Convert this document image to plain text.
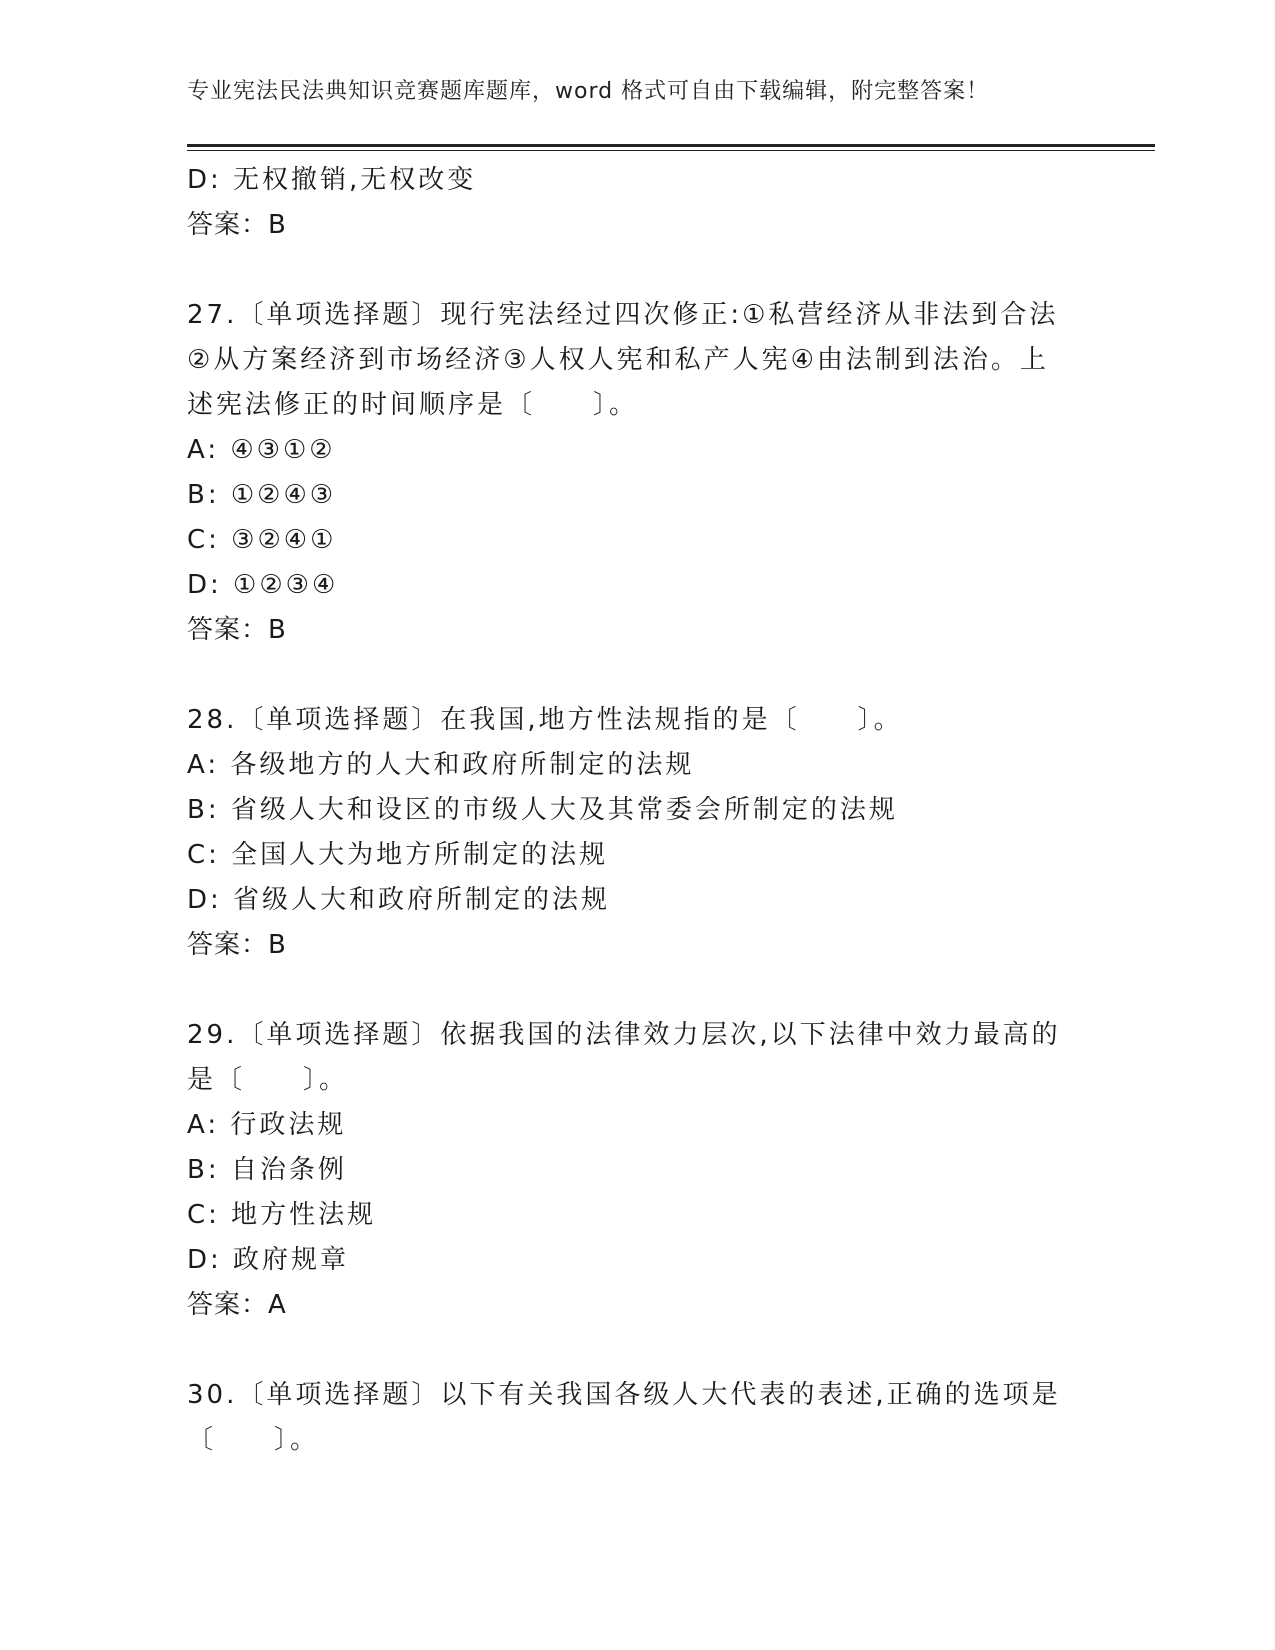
专业宪法民法典知识竞赛题库题库，word 格式可自由下载编辑，附完整答案！
D: 无权撤销,无权改变
答案：B
27.〔单项选择题〕现行宪法经过四次修正:①私营经济从非法到合法
②从方案经济到市场经济③人权人宪和私产人宪④由法制到法治。上
述宪法修正的时间顺序是〔　　〕。
A: ④③①②
B: ①②④③
C: ③②④①
D: ①②③④
答案：B
28.〔单项选择题〕在我国,地方性法规指的是〔　　〕。
A: 各级地方的人大和政府所制定的法规
B: 省级人大和设区的市级人大及其常委会所制定的法规
C: 全国人大为地方所制定的法规
D: 省级人大和政府所制定的法规
答案：B
29.〔单项选择题〕依据我国的法律效力层次,以下法律中效力最高的
是〔　　〕。
A: 行政法规
B: 自治条例
C: 地方性法规
D: 政府规章
答案：A
30.〔单项选择题〕以下有关我国各级人大代表的表述,正确的选项是
〔　　〕。
